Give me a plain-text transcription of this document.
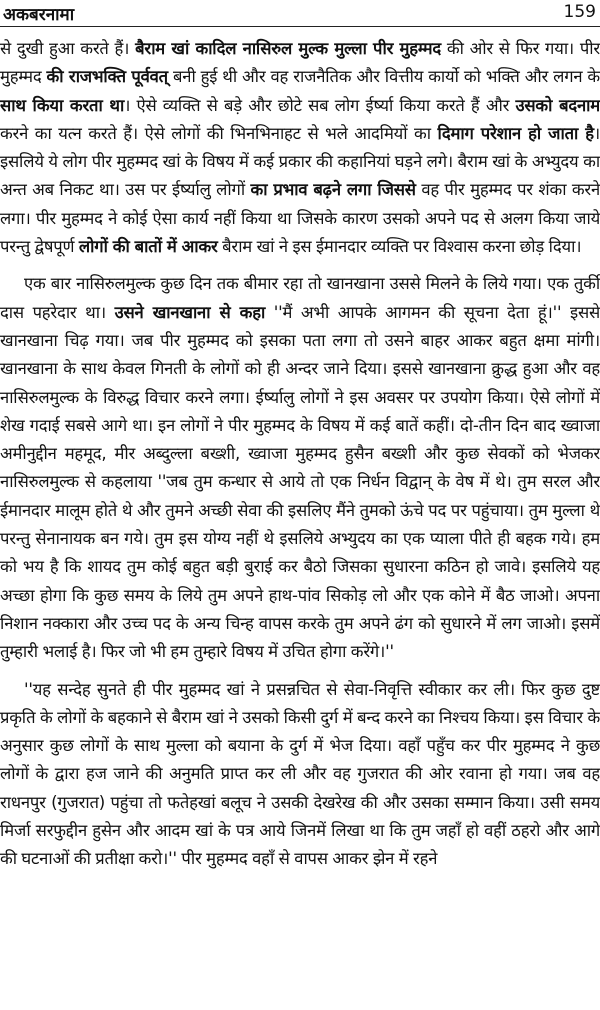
अकबरनामा	159

से दुखी हुआ करते हैं। बैराम खां कादिल नासिरुल मुल्क मुल्ला पीर मुहम्मद की ओर से फिर गया। पीर मुहम्मद की राजभक्ति पूर्ववत् बनी हुई थी और वह राजनैतिक और वित्तीय कार्यो को भक्ति और लगन के साथ किया करता था। ऐसे व्यक्ति से बड़े और छोटे सब लोग ईर्ष्या किया करते हैं और उसको बदनाम करने का यत्न करते हैं। ऐसे लोगों की भिनभिनाहट से भले आदमियों का दिमाग परेशान हो जाता है। इसलिये ये लोग पीर मुहम्मद खां के विषय में कई प्रकार की कहानियां घड़ने लगे। बैराम खां के अभ्युदय का अन्त अब निकट था। उस पर ईर्ष्यालु लोगों का प्रभाव बढ़ने लगा जिससे वह पीर मुहम्मद पर शंका करने लगा। पीर मुहम्मद ने कोई ऐसा कार्य नहीं किया था जिसके कारण उसको अपने पद से अलग किया जाये परन्तु द्वेषपूर्ण लोगों की बातों में आकर बैराम खां ने इस ईमानदार व्यक्ति पर विश्वास करना छोड़ दिया।

एक बार नासिरुलमुल्क कुछ दिन तक बीमार रहा तो खानखाना उससे मिलने के लिये गया। एक तुर्की दास पहरेदार था। उसने खानखाना से कहा ''मैं अभी आपके आगमन की सूचना देता हूं।'' इससे खानखाना चिढ़ गया। जब पीर मुहम्मद को इसका पता लगा तो उसने बाहर आकर बहुत क्षमा मांगी। खानखाना के साथ केवल गिनती के लोगों को ही अन्दर जाने दिया। इससे खानखाना क्रुद्ध हुआ और वह नासिरुलमुल्क के विरुद्ध विचार करने लगा। ईर्ष्यालु लोगों ने इस अवसर पर उपयोग किया। ऐसे लोगों में शेख गदाई सबसे आगे था। इन लोगों ने पीर मुहम्मद के विषय में कई बातें कहीं। दो-तीन दिन बाद ख्वाजा अमीनुद्दीन महमूद, मीर अब्दुल्ला बख्शी, ख्वाजा मुहम्मद हुसैन बख्शी और कुछ सेवकों को भेजकर नासिरुलमुल्क से कहलाया ''जब तुम कन्धार से आये तो एक निर्धन विद्वान् के वेष में थे। तुम सरल और ईमानदार मालूम होते थे और तुमने अच्छी सेवा की इसलिए मैंने तुमको ऊंचे पद पर पहुंचाया। तुम मुल्ला थे परन्तु सेनानायक बन गये। तुम इस योग्य नहीं थे इसलिये अभ्युदय का एक प्याला पीते ही बहक गये। हम को भय है कि शायद तुम कोई बहुत बड़ी बुराई कर बैठो जिसका सुधारना कठिन हो जावे। इसलिये यह अच्छा होगा कि कुछ समय के लिये तुम अपने हाथ-पांव सिकोड़ लो और एक कोने में बैठ जाओ। अपना निशान नक्कारा और उच्च पद के अन्य चिन्ह वापस करके तुम अपने ढंग को सुधारने में लग जाओ। इसमें तुम्हारी भलाई है। फिर जो भी हम तुम्हारे विषय में उचित होगा करेंगे।''

''यह सन्देह सुनते ही पीर मुहम्मद खां ने प्रसन्नचित से सेवा-निवृत्ति स्वीकार कर ली। फिर कुछ दुष्ट प्रकृति के लोगों के बहकाने से बैराम खां ने उसको किसी दुर्ग में बन्द करने का निश्चय किया। इस विचार के अनुसार कुछ लोगों के साथ मुल्ला को बयाना के दुर्ग में भेज दिया। वहाँ पहुँच कर पीर मुहम्मद ने कुछ लोगों के द्वारा हज जाने की अनुमति प्राप्त कर ली और वह गुजरात की ओर रवाना हो गया। जब वह राधनपुर (गुजरात) पहुंचा तो फतेहखां बलूच ने उसकी देखरेख की और उसका सम्मान किया। उसी समय मिर्जा सरफुद्दीन हुसेन और आदम खां के पत्र आये जिनमें लिखा था कि तुम जहाँ हो वहीं ठहरो और आगे की घटनाओं की प्रतीक्षा करो।'' पीर मुहम्मद वहाँ से वापस आकर झेन में रहने
